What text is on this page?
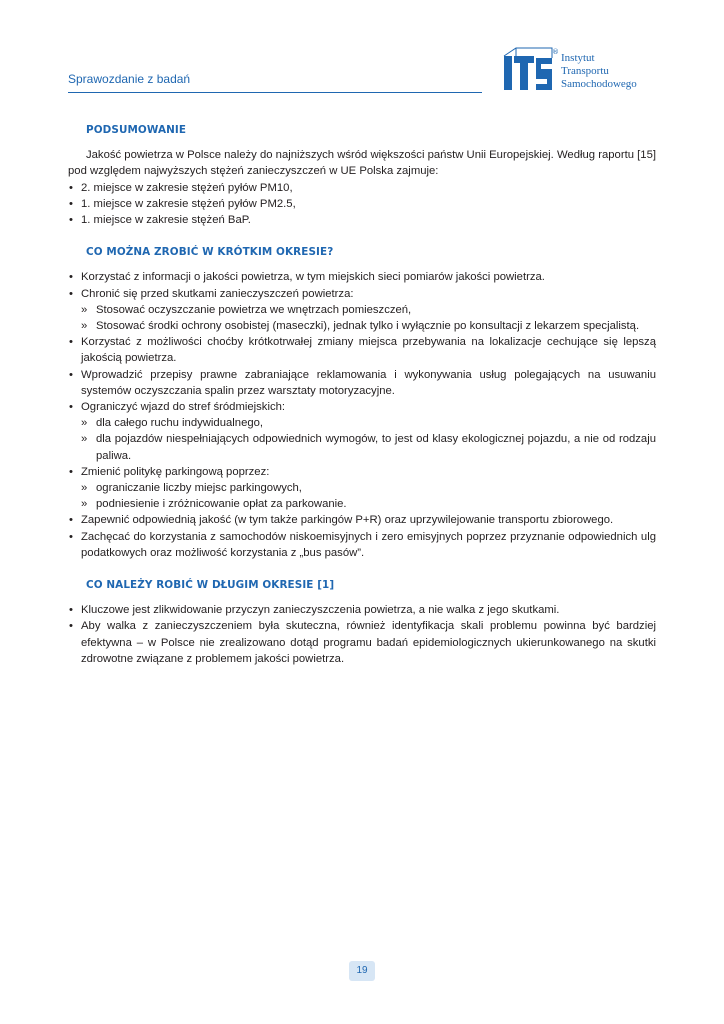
Sprawozdanie z badań
® Instytut
Transportu
Samochodowego
PODSUMOWANIE

Jakość powietrza w Polsce należy do najniższych wśród większości państw Unii Europejskiej. Według raportu [15] pod względem najwyższych stężeń zanieczyszczeń w UE Polska zajmuje:

• 2. miejsce w zakresie stężeń pyłów PM10,
• 1. miejsce w zakresie stężeń pyłów PM2.5,
• 1. miejsce w zakresie stężeń BaP.
CO MOŻNA ZROBIĆ W KRÓTKIM OKRESIE?
• Korzystać z informacji o jakości powietrza, w tym miejskich sieci pomiarów jakości powietrza.
• Chronić się przed skutkami zanieczyszczeń powietrza:
» Stosować oczyszczanie powietrza we wnętrzach pomieszczeń,
» Stosować środki ochrony osobistej (maseczki), jednak tylko i wyłącznie po konsultacji z lekarzem specjalistą.
• Korzystać z możliwości choćby krótkotrwałej zmiany miejsca przebywania na lokalizacje cechujące się lepszą jakością powietrza.
• Wprowadzić przepisy prawne zabraniające reklamowania i wykonywania usług polegających na usuwaniu systemów oczyszczania spalin przez warsztaty motoryzacyjne.
• Ograniczyć wjazd do stref śródmiejskich:
» dla całego ruchu indywidualnego,
» dla pojazdów niespełniających odpowiednich wymogów, to jest od klasy ekologicznej pojazdu, a nie od rodzaju paliwa.
• Zmienić politykę parkingową poprzez:
» ograniczanie liczby miejsc parkingowych,
» podniesienie i zróżnicowanie opłat za parkowanie.
• Zapewnić odpowiednią jakość (w tym także parkingów P+R) oraz uprzywilejowanie transportu zbiorowego.
• Zachęcać do korzystania z samochodów niskoemisyjnych i zero emisyjnych poprzez przyznanie odpowiednich ulg podatkowych oraz możliwość korzystania z „bus pasów”.
CO NALEŻY ROBIĆ W DŁUGIM OKRESIE [1]
• Kluczowe jest zlikwidowanie przyczyn zanieczyszczenia powietrza, a nie walka z jego skutkami.
• Aby walka z zanieczyszczeniem była skuteczna, również identyfikacja skali problemu powinna być bardziej efektywna – w Polsce nie zrealizowano dotąd programu badań epidemiologicznych ukierunkowanego na skutki zdrowotne związane z problemem jakości powietrza.
19
